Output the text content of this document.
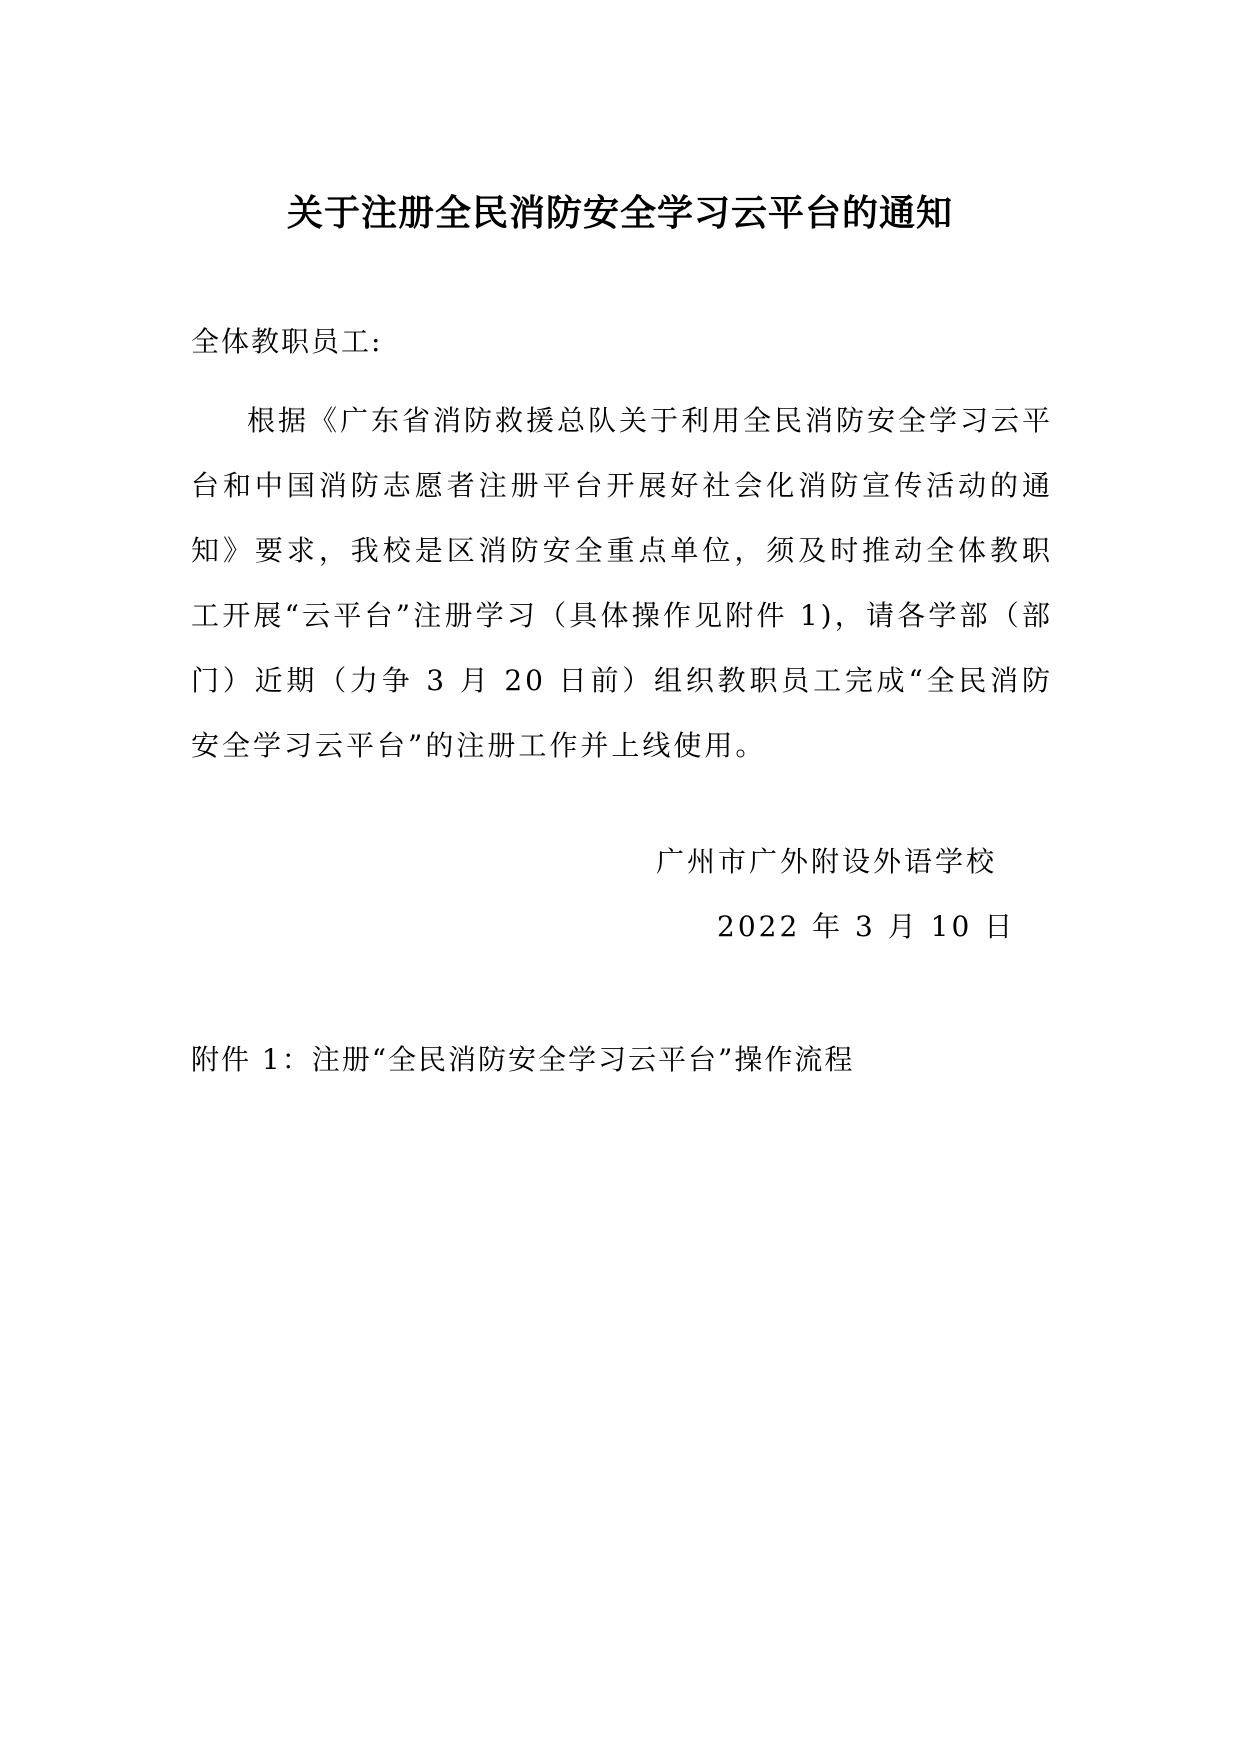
关于注册全民消防安全学习云平台的通知
全体教职员工:
根据《广东省消防救援总队关于利用全民消防安全学习云平台和中国消防志愿者注册平台开展好社会化消防宣传活动的通知》要求，我校是区消防安全重点单位，须及时推动全体教职工开展“云平台”注册学习（具体操作见附件 1)，请各学部（部门）近期（力争 3 月 20 日前）组织教职员工完成“全民消防安全学习云平台”的注册工作并上线使用。
广州市广外附设外语学校
2022 年 3 月 10 日
附件 1：注册“全民消防安全学习云平台”操作流程
